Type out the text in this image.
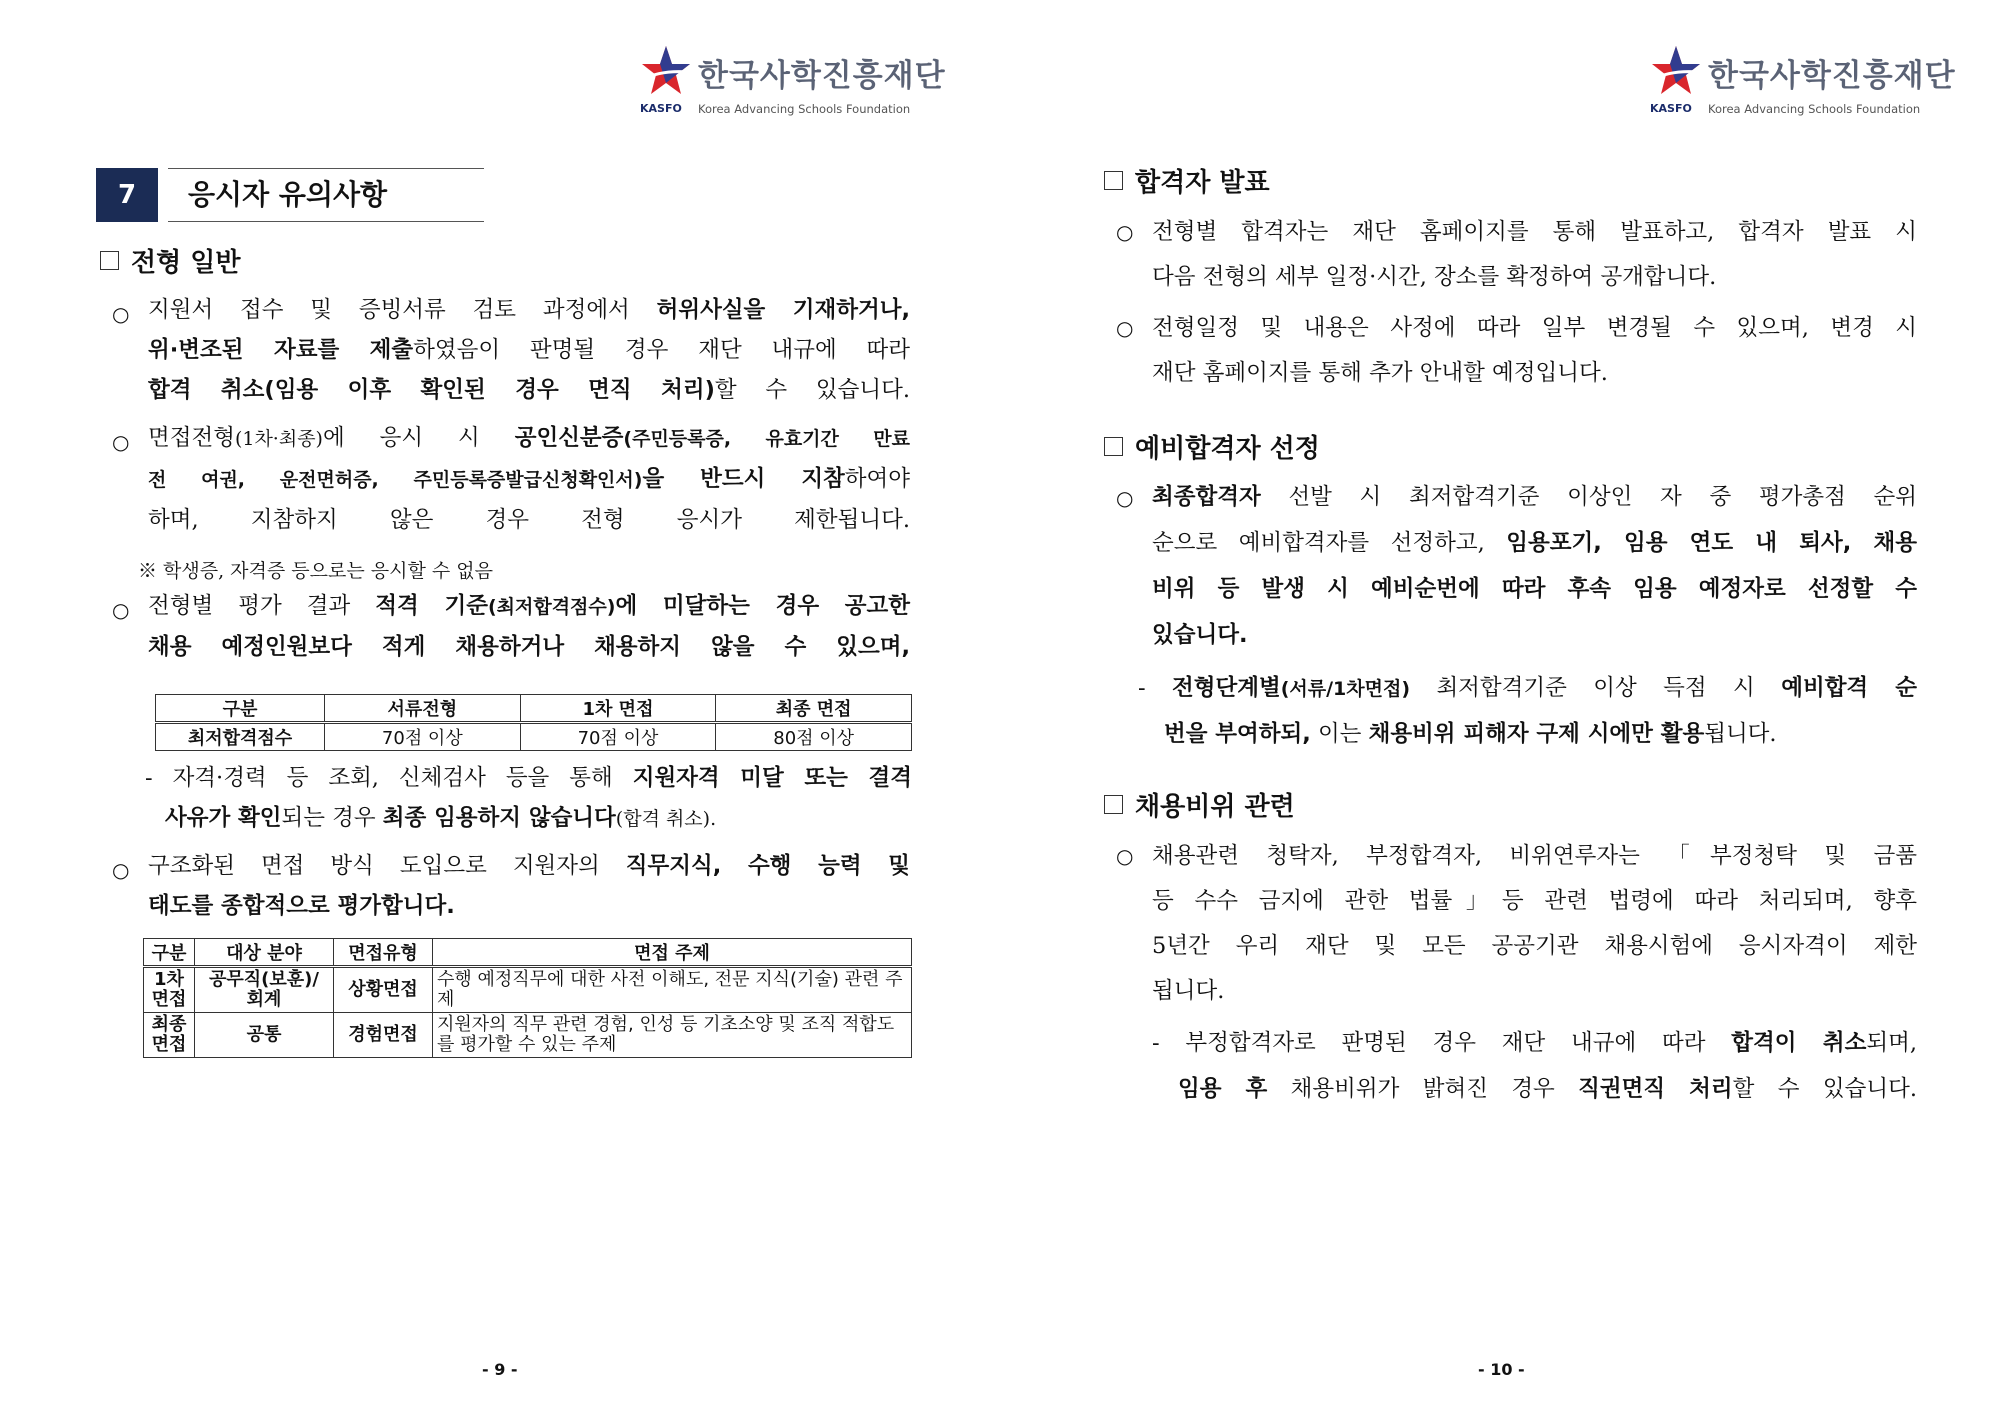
한국사학진흥재단
KASFO Korea Advancing Schools Foundation
7	응시자 유의사항
전형 일반
○ 지원서 접수 및 증빙서류 검토 과정에서 허위사실을 기재하거나,
위·변조된 자료를 제출하였음이 판명될 경우 재단 내규에 따라
합격 취소(임용 이후 확인된 경우 면직 처리)할 수 있습니다.
○ 면접전형(1차·최종)에 응시 시 공인신분증(주민등록증, 유효기간 만료
전 여권, 운전면허증, 주민등록증발급신청확인서)을 반드시 지참하여야
하며, 지참하지 않은 경우 전형 응시가 제한됩니다.
※ 학생증, 자격증 등으로는 응시할 수 없음
○ 전형별 평가 결과 적격 기준(최저합격점수)에 미달하는 경우 공고한
채용 예정인원보다 적게 채용하거나 채용하지 않을 수 있으며,
구분	서류전형	1차 면접	최종 면접
최저합격점수	70점 이상	70점 이상	80점 이상
- 자격·경력 등 조회, 신체검사 등을 통해 지원자격 미달 또는 결격
사유가 확인되는 경우 최종 임용하지 않습니다(합격 취소).
○ 구조화된 면접 방식 도입으로 지원자의 직무지식, 수행 능력 및
태도를 종합적으로 평가합니다.
구분	대상 분야	면접유형	면접 주제
1차 면접	공무직(보훈)/ 회계	상황면접	수행 예정직무에 대한 사전 이해도, 전문 지식(기술) 관련 주제
최종 면접	공통	경험면접	지원자의 직무 관련 경험, 인성 등 기초소양 및 조직 적합도를 평가할 수 있는 주제
- 9 -
한국사학진흥재단
KASFO Korea Advancing Schools Foundation
합격자 발표
○ 전형별 합격자는 재단 홈페이지를 통해 발표하고, 합격자 발표 시
다음 전형의 세부 일정·시간, 장소를 확정하여 공개합니다.
○ 전형일정 및 내용은 사정에 따라 일부 변경될 수 있으며, 변경 시
재단 홈페이지를 통해 추가 안내할 예정입니다.
예비합격자 선정
○ 최종합격자 선발 시 최저합격기준 이상인 자 중 평가총점 순위
순으로 예비합격자를 선정하고, 임용포기, 임용 연도 내 퇴사, 채용
비위 등 발생 시 예비순번에 따라 후속 임용 예정자로 선정할 수
있습니다.
- 전형단계별(서류/1차면접) 최저합격기준 이상 득점 시 예비합격 순
번을 부여하되, 이는 채용비위 피해자 구제 시에만 활용됩니다.
채용비위 관련
○ 채용관련 청탁자, 부정합격자, 비위연루자는 「부정청탁 및 금품
등 수수 금지에 관한 법률」등 관련 법령에 따라 처리되며, 향후
5년간 우리 재단 및 모든 공공기관 채용시험에 응시자격이 제한
됩니다.
- 부정합격자로 판명된 경우 재단 내규에 따라 합격이 취소되며,
임용 후 채용비위가 밝혀진 경우 직권면직 처리할 수 있습니다.
- 10 -
